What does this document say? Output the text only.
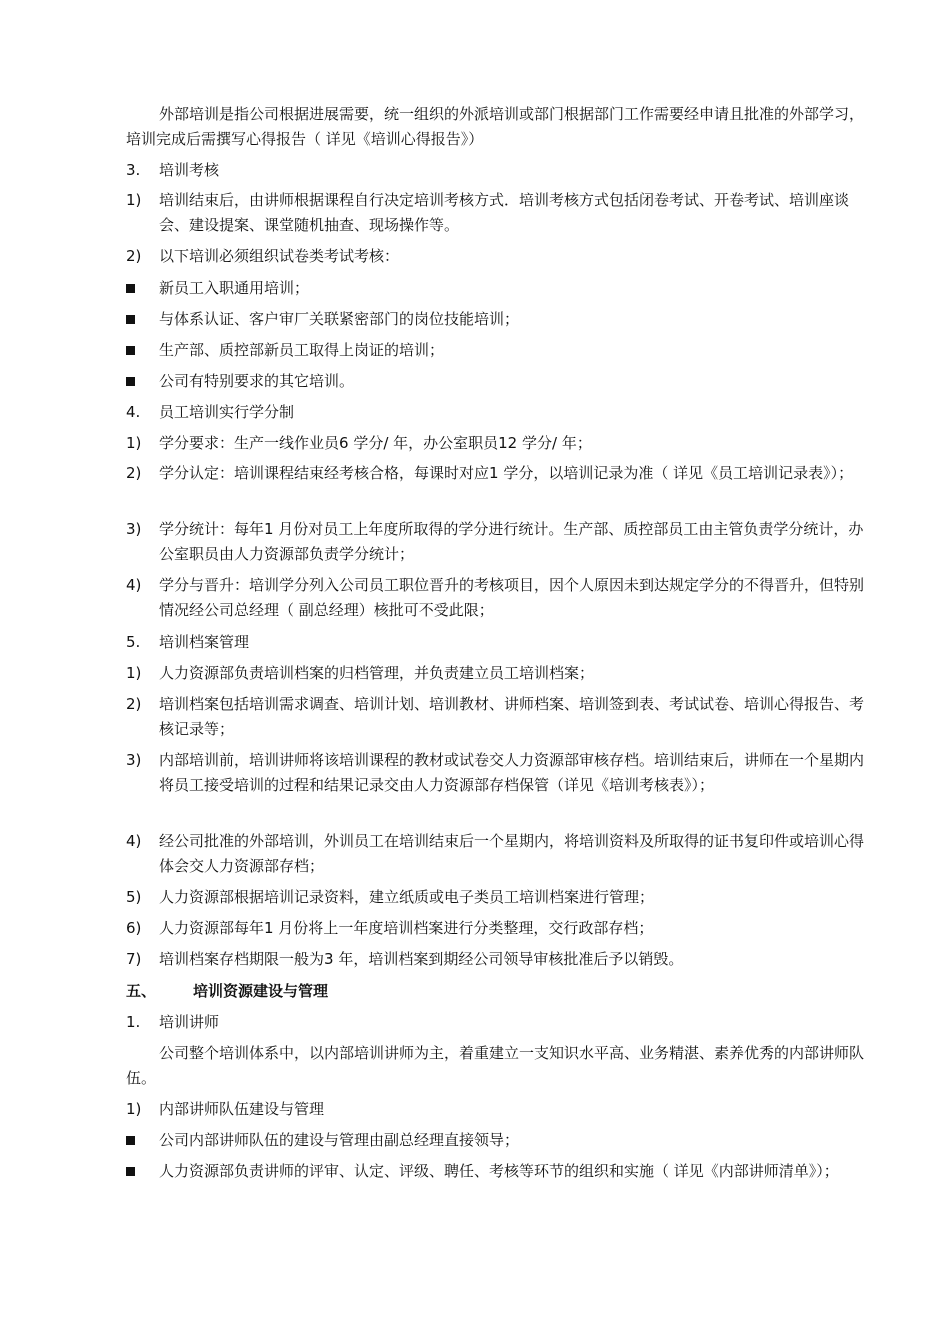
外部培训是指公司根据进展需要，统一组织的外派培训或部门根据部门工作需要经申请且批准的外部学习，培训完成后需撰写心得报告（ 详见《培训心得报告》）
3.	培训考核
1)	培训结束后，由讲师根据课程自行决定培训考核方式．培训考核方式包括闭卷考试、开卷考试、培训座谈会、建设提案、课堂随机抽查、现场操作等。
2)	以下培训必须组织试卷类考试考核：
新员工入职通用培训；
与体系认证、客户审厂关联紧密部门的岗位技能培训；
生产部、质控部新员工取得上岗证的培训；
公司有特别要求的其它培训。
4.	员工培训实行学分制
1)	学分要求：生产一线作业员6 学分/ 年，办公室职员12 学分/ 年；
2)	学分认定：培训课程结束经考核合格，每课时对应1 学分，以培训记录为准（ 详见《员工培训记录表》）；
3)	学分统计：每年1 月份对员工上年度所取得的学分进行统计。生产部、质控部员工由主管负责学分统计，办公室职员由人力资源部负责学分统计；
4)	学分与晋升：培训学分列入公司员工职位晋升的考核项目，因个人原因未到达规定学分的不得晋升，但特别情况经公司总经理（ 副总经理）核批可不受此限；
5.	培训档案管理
1)	人力资源部负责培训档案的归档管理，并负责建立员工培训档案；
2)	培训档案包括培训需求调查、培训计划、培训教材、讲师档案、培训签到表、考试试卷、培训心得报告、考核记录等；
3)	内部培训前，培训讲师将该培训课程的教材或试卷交人力资源部审核存档。培训结束后，讲师在一个星期内将员工接受培训的过程和结果记录交由人力资源部存档保管（详见《培训考核表》）；
4)	经公司批准的外部培训，外训员工在培训结束后一个星期内，将培训资料及所取得的证书复印件或培训心得体会交人力资源部存档；
5)	人力资源部根据培训记录资料，建立纸质或电子类员工培训档案进行管理；
6)	人力资源部每年1 月份将上一年度培训档案进行分类整理，交行政部存档；
7)	培训档案存档期限一般为3 年，培训档案到期经公司领导审核批准后予以销毁。
五、 培训资源建设与管理
1.	培训讲师
公司整个培训体系中，以内部培训讲师为主，着重建立一支知识水平高、业务精湛、素养优秀的内部讲师队伍。
1)	内部讲师队伍建设与管理
公司内部讲师队伍的建设与管理由副总经理直接领导；
人力资源部负责讲师的评审、认定、评级、聘任、考核等环节的组织和实施（ 详见《内部讲师清单》）；
